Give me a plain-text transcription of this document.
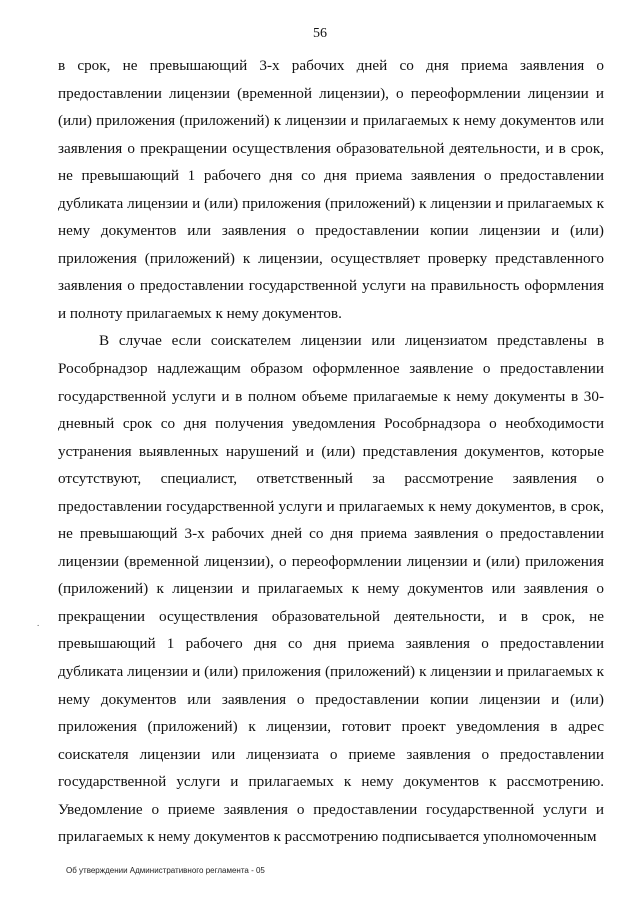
56

в срок, не превышающий 3-х рабочих дней со дня приема заявления о предоставлении лицензии (временной лицензии), о переоформлении лицензии и (или) приложения (приложений) к лицензии и прилагаемых к нему документов или заявления о прекращении осуществления образовательной деятельности, и в срок, не превышающий 1 рабочего дня со дня приема заявления о предоставлении дубликата лицензии и (или) приложения (приложений) к лицензии и прилагаемых к нему документов или заявления о предоставлении копии лицензии и (или) приложения (приложений) к лицензии, осуществляет проверку представленного заявления о предоставлении государственной услуги на правильность оформления и полноту прилагаемых к нему документов.

В случае если соискателем лицензии или лицензиатом представлены в Рособрнадзор надлежащим образом оформленное заявление о предоставлении государственной услуги и в полном объеме прилагаемые к нему документы в 30-дневный срок со дня получения уведомления Рособрнадзора о необходимости устранения выявленных нарушений и (или) представления документов, которые отсутствуют, специалист, ответственный за рассмотрение заявления о предоставлении государственной услуги и прилагаемых к нему документов, в срок, не превышающий 3-х рабочих дней со дня приема заявления о предоставлении лицензии (временной лицензии), о переоформлении лицензии и (или) приложения (приложений) к лицензии и прилагаемых к нему документов или заявления о прекращении осуществления образовательной деятельности, и в срок, не превышающий 1 рабочего дня со дня приема заявления о предоставлении дубликата лицензии и (или) приложения (приложений) к лицензии и прилагаемых к нему документов или заявления о предоставлении копии лицензии и (или) приложения (приложений) к лицензии, готовит проект уведомления в адрес соискателя лицензии или лицензиата о приеме заявления о предоставлении государственной услуги и прилагаемых к нему документов к рассмотрению. Уведомление о приеме заявления о предоставлении государственной услуги и прилагаемых к нему документов к рассмотрению подписывается уполномоченным

.
Об утверждении Административного регламента - 05
